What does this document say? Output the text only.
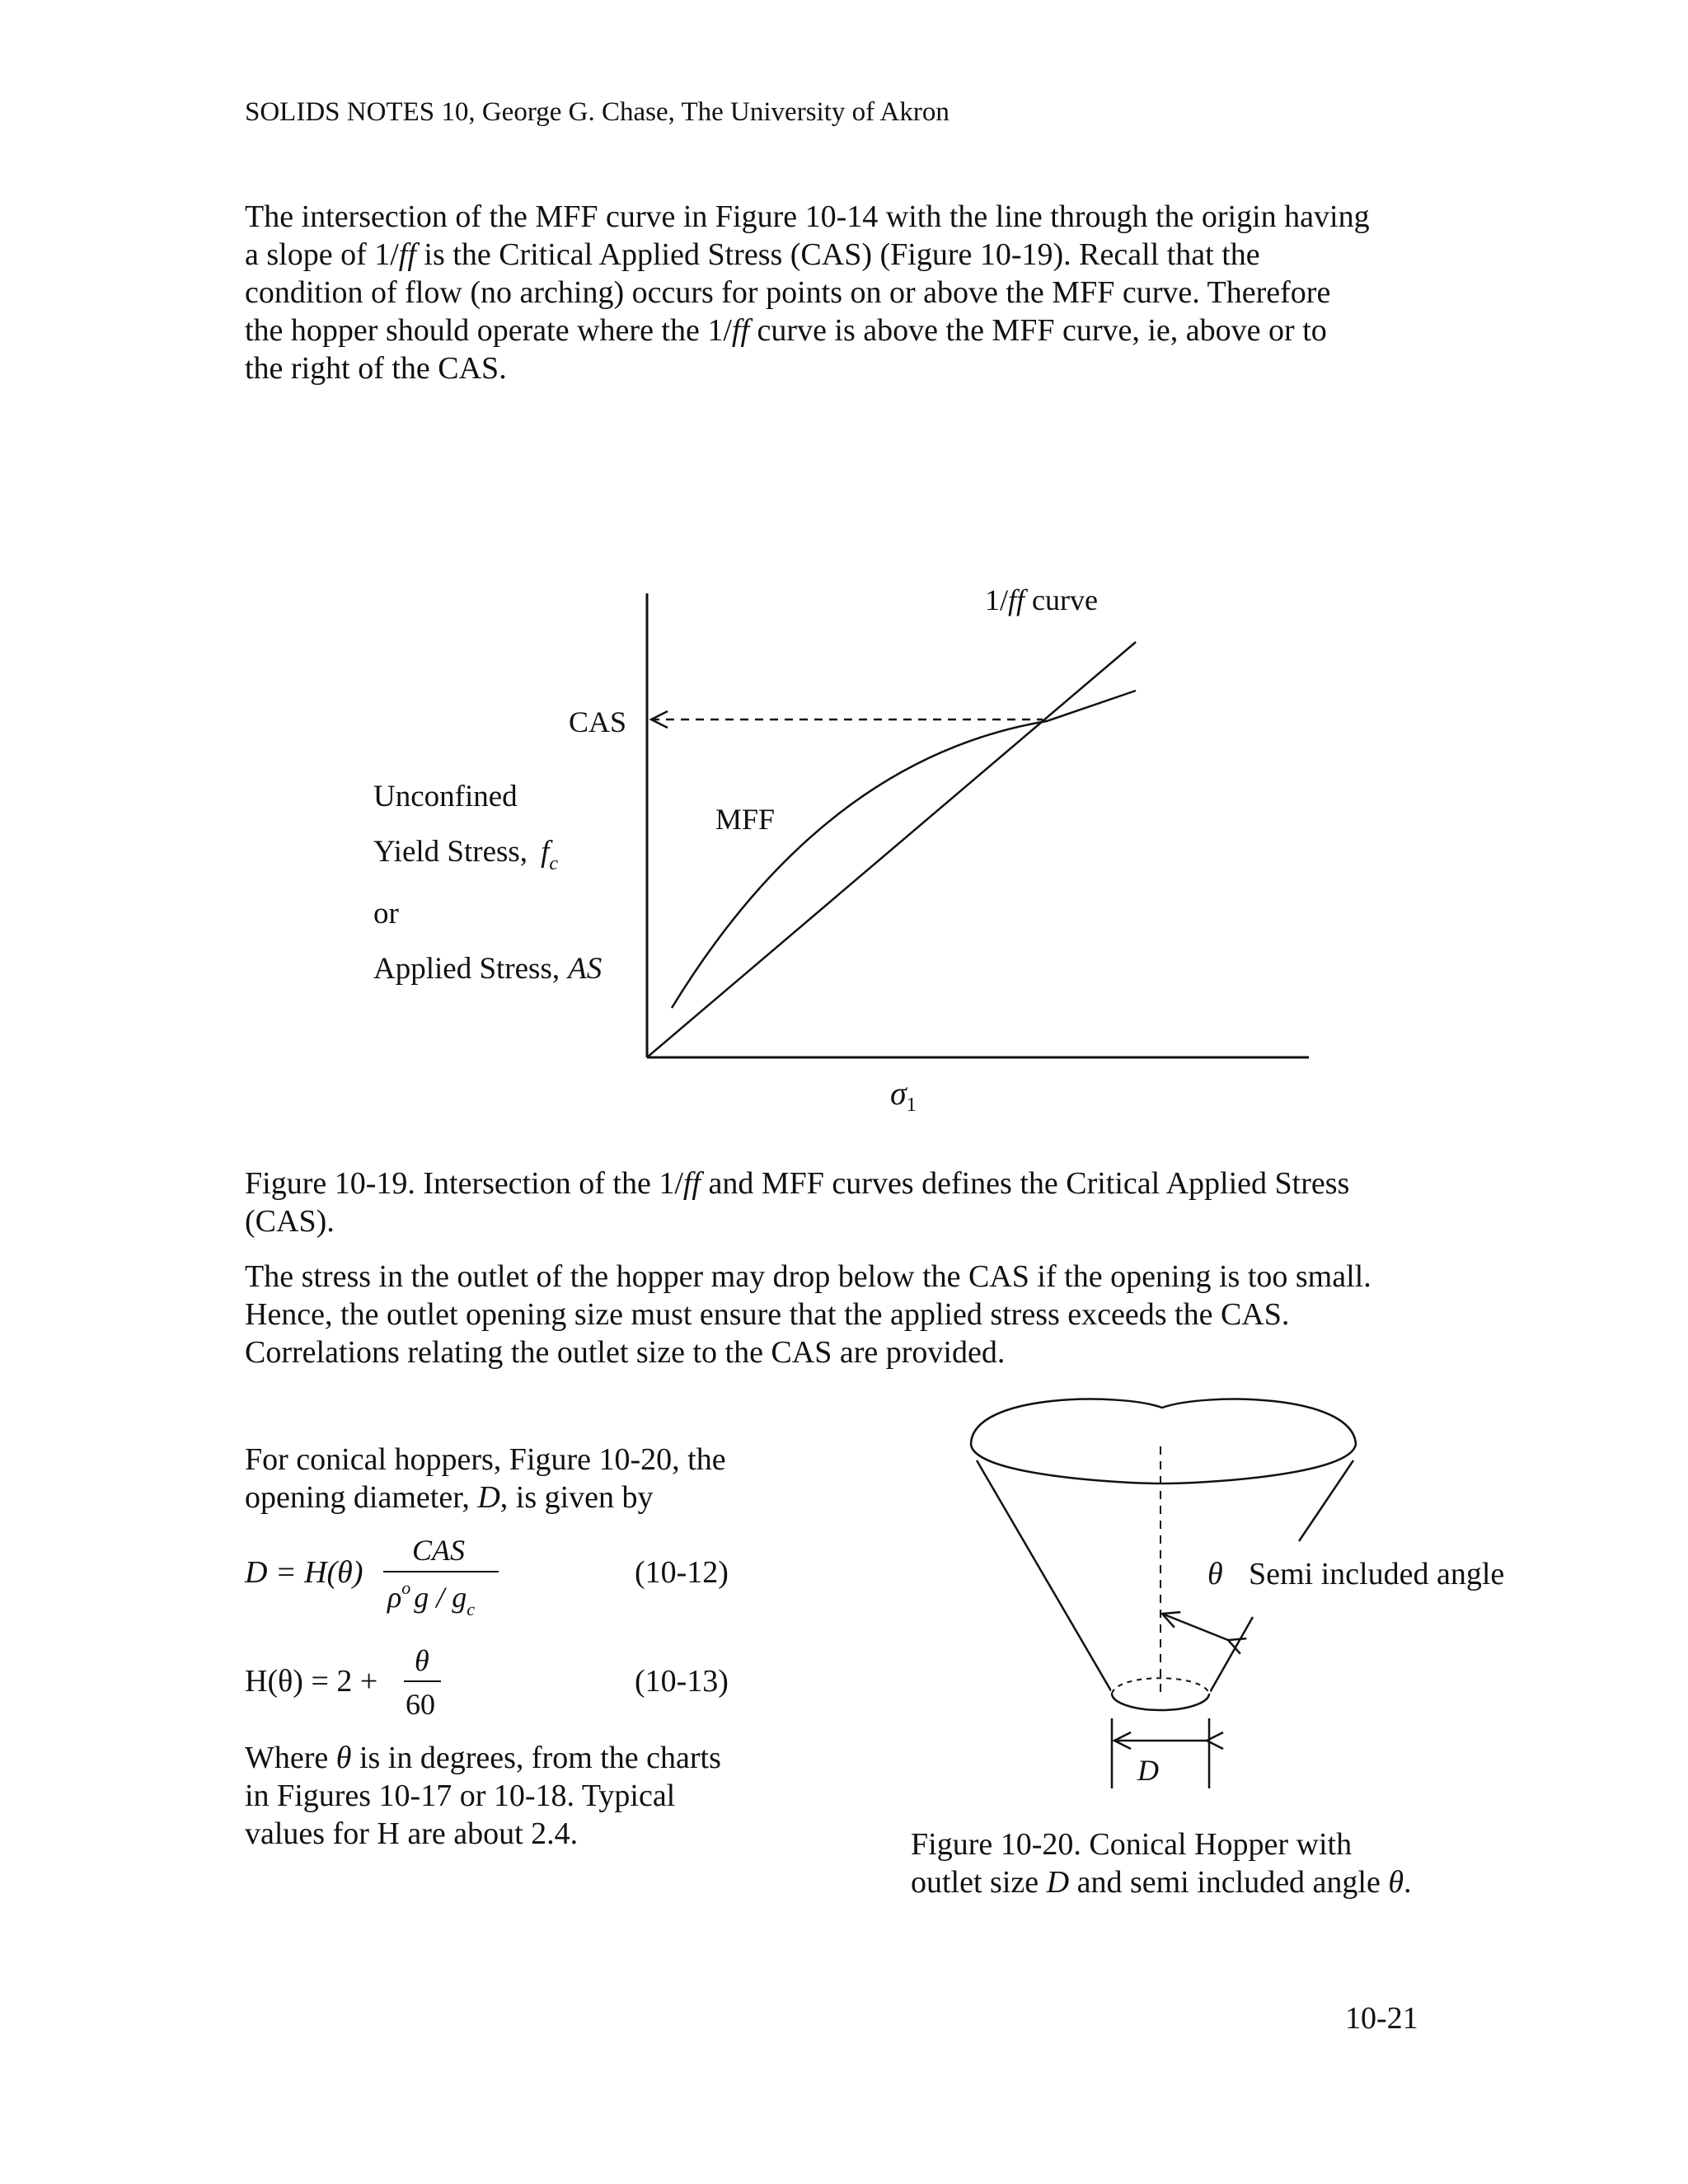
SOLIDS NOTES 10, George G. Chase, The University of Akron
The intersection of the MFF curve in Figure 10-14 with the line through the origin having
a slope of 1/ff is the Critical Applied Stress (CAS) (Figure 10-19). Recall that the
condition of flow (no arching) occurs for points on or above the MFF curve. Therefore
the hopper should operate where the 1/ff curve is above the MFF curve, ie, above or to
the right of the CAS.
1/ff curve
CAS
MFF
Unconfined
Yield Stress, $f_c$
or
Applied Stress, AS
$\sigma_1$
D = H(θ)
CAS
$\rho^o$ g / $g_c$
(10-12)
H(θ) = 2 +
θ
60
(10-13)
D
θ Semi included angle
Figure 10-19. Intersection of the 1/ff and MFF curves defines the Critical Applied Stress
(CAS).
The stress in the outlet of the hopper may drop below the CAS if the opening is too small.
Hence, the outlet opening size must ensure that the applied stress exceeds the CAS.
Correlations relating the outlet size to the CAS are provided.
For conical hoppers, Figure 10-20, the
opening diameter, D, is given by
Where θ is in degrees, from the charts
in Figures 10-17 or 10-18. Typical
values for H are about 2.4.	Figure 10-20. Conical Hopper with
outlet size D and semi included angle θ.
10-21
